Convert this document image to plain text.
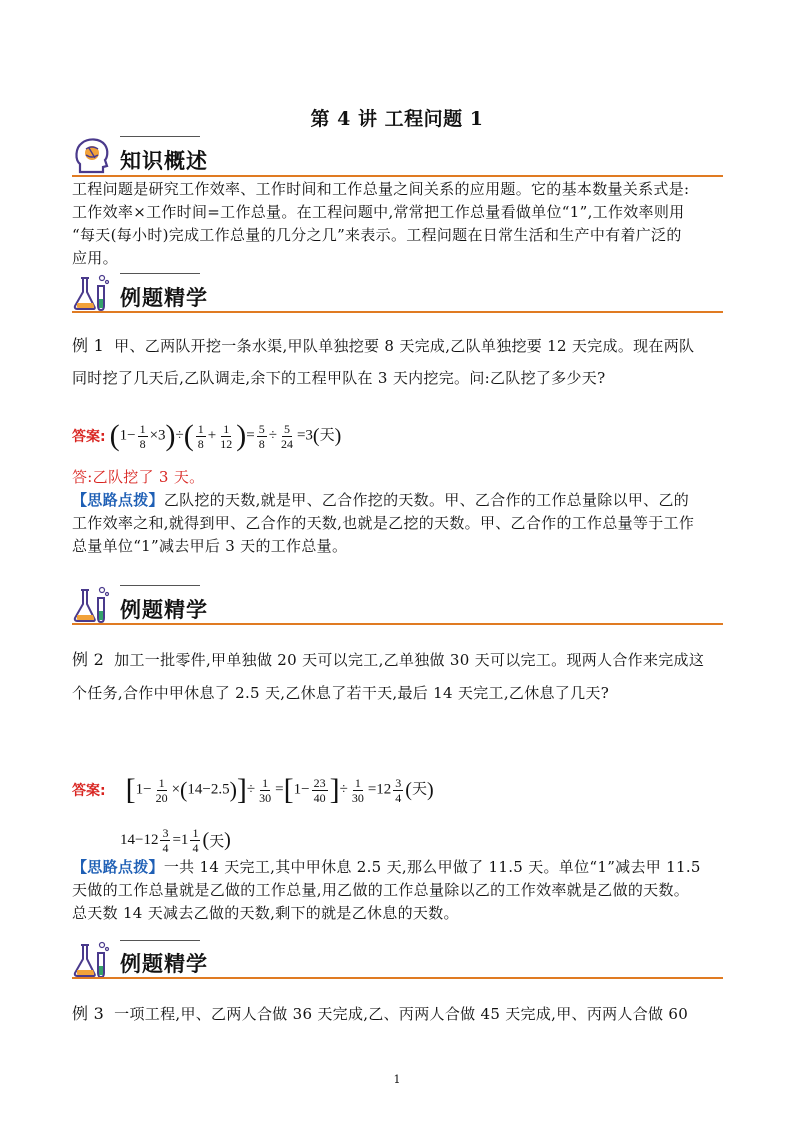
第 4 讲 工程问题 1
知识概述
工程问题是研究工作效率、工作时间和工作总量之间关系的应用题。它的基本数量关系式是:
工作效率×工作时间=工作总量。在工程问题中,常常把工作总量看做单位“1”,工作效率则用
“每天(每小时)完成工作总量的几分之几”来表示。工程问题在日常生活和生产中有着广泛的
应用。
例题精学
例 1 甲、乙两队开挖一条水渠,甲队单独挖要 8 天完成,乙队单独挖要 12 天完成。现在两队
同时挖了几天后,乙队调走,余下的工程甲队在 3 天内挖完。问:乙队挖了多少天?
答案: $(1- \frac{1}{8} \times 3)\div( \frac{1}{8} + \frac{1}{12}$ )= $\frac{5}{8} \div \frac{5}{24} =3$(天)
答:乙队挖了 3 天。
【思路点拨】乙队挖的天数,就是甲、乙合作挖的天数。甲、乙合作的工作总量除以甲、乙的
工作效率之和,就得到甲、乙合作的天数,也就是乙挖的天数。甲、乙合作的工作总量等于工作
总量单位“1”减去甲后 3 天的工作总量。
例题精学
例 2 加工一批零件,甲单独做 20 天可以完工,乙单独做 30 天可以完工。现两人合作来完成这
个任务,合作中甲休息了 2.5 天,乙休息了若干天,最后 14 天完工,乙休息了几天?
答案: $[1- \frac{1}{20} \times(14-2.5)]\div \frac{1}{30} =[1- \frac{23}{40}$ ]÷ $\frac{1}{30} =12 \frac{3}{4}$ (天)
$14-12 \frac{3}{4} =1 \frac{1}{4}$ ( 天 )
【思路点拨】一共 14 天完工,其中甲休息 2.5 天,那么甲做了 11.5 天。单位“1”减去甲 11.5
天做的工作总量就是乙做的工作总量,用乙做的工作总量除以乙的工作效率就是乙做的天数。
总天数 14 天减去乙做的天数,剩下的就是乙休息的天数。
例题精学
例 3 一项工程,甲、乙两人合做 36 天完成,乙、丙两人合做 45 天完成,甲、丙两人合做 60
1
